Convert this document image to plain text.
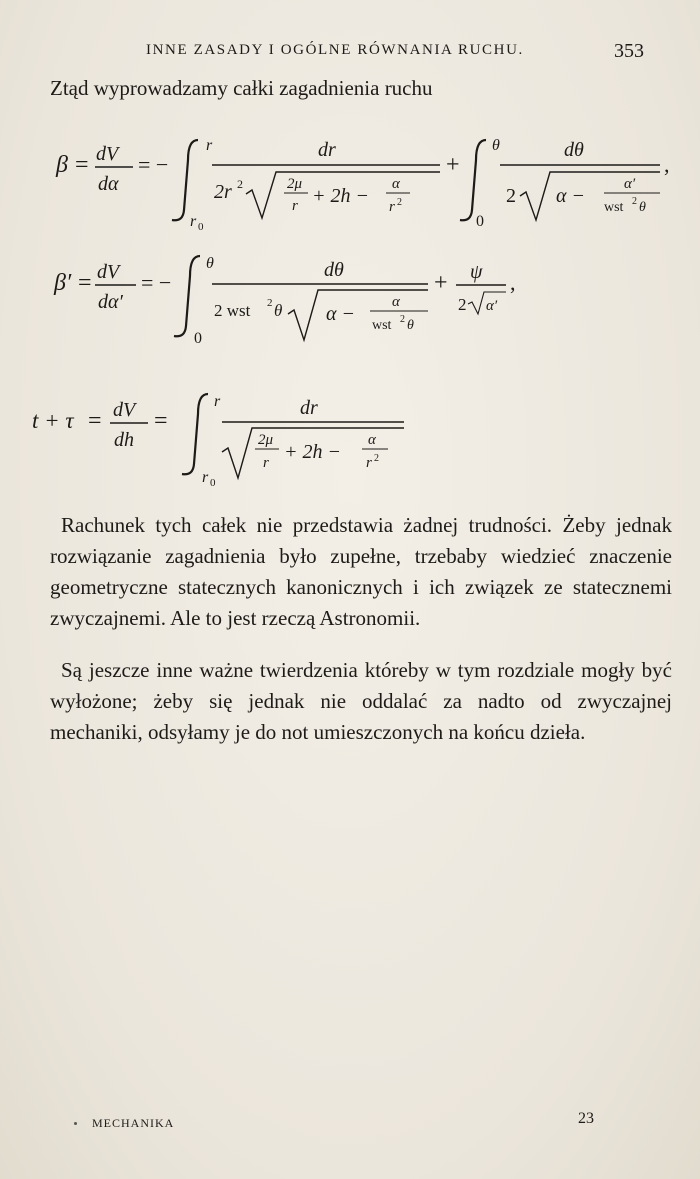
INNE ZASADY I OGÓLNE RÓWNANIA RUCHU.	353
Ztąd wyprowadzamy całki zagadnienia ruchu
β = dV
dα
= −
r
r 0
dr
2r 2	2μ
r + 2h −
α
r 2
+
θ
0
dθ
2 α −
α′
wst 2 θ
,
β′ = dV
dα′
= −
θ
0
dθ
2 wst 2 θ α −
α
wst 2 θ
+ ψ
2 α′
,
t + τ = dV
dh
=
r
r 0
dr
2μ
r + 2h −
α
r 2

Rachunek tych całek nie przedstawia żadnej trudności. Żeby jednak rozwiązanie zagadnienia było zupełne, trzebaby wiedzieć znaczenie geometryczne statecznych kanonicznych i ich związek ze statecznemi zwyczajnemi. Ale to jest rzeczą Astronomii.

Są jeszcze inne ważne twierdzenia któreby w tym rozdziale mogły być wyłożone; żeby się jednak nie oddalać za nadto od zwyczajnej mechaniki, odsyłamy je do not umieszczonych na końcu dzieła.

MECHANIKA	23
